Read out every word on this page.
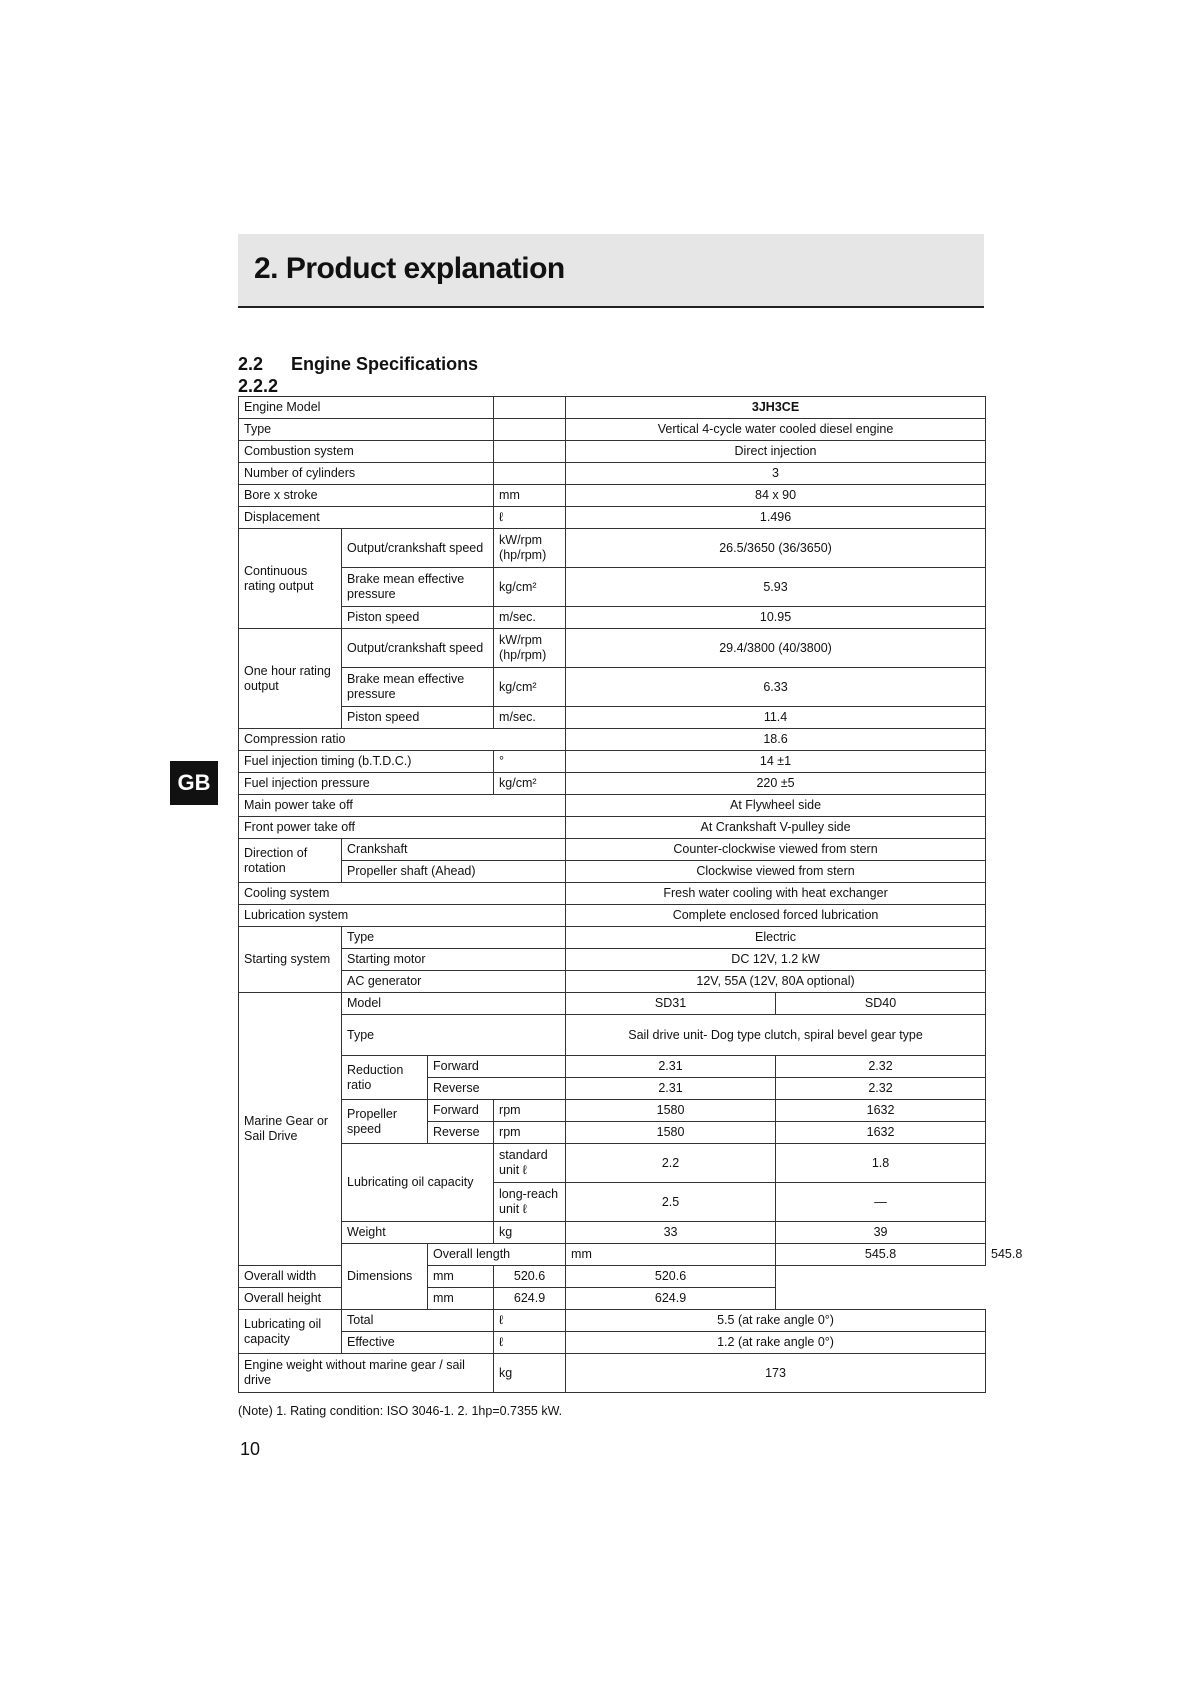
2. Product explanation
2.2 Engine Specifications
2.2.2
GB
Engine Model				3JH3CE		
Type				Vertical 4-cycle water cooled diesel engine		
Combustion system				Direct injection		
Number of cylinders				3		
Bore x stroke			mm	84 x 90		
Displacement			ℓ	1.496		
Continuous rating output	Output/crankshaft speed		kW/rpm (hp/rpm)	26.5/3650 (36/3650)		
	Brake mean effective pressure		kg/cm²	5.93		
	Piston speed		m/sec.	10.95		
One hour rating output	Output/crankshaft speed		kW/rpm (hp/rpm)	29.4/3800 (40/3800)		
	Brake mean effective pressure		kg/cm²	6.33		
	Piston speed		m/sec.	11.4		
Compression ratio				18.6		
Fuel injection timing (b.T.D.C.)			°	14 ±1		
Fuel injection pressure			kg/cm²	220 ±5		
Main power take off				At Flywheel side		
Front power take off				At Crankshaft V-pulley side		
Direction of rotation	Crankshaft			Counter-clockwise viewed from stern		
	Propeller shaft (Ahead)			Clockwise viewed from stern		
Cooling system				Fresh water cooling with heat exchanger		
Lubrication system				Complete enclosed forced lubrication		
Starting system	Type			Electric		
	Starting motor			DC 12V, 1.2 kW		
	AC generator			12V, 55A (12V, 80A optional)		
Marine Gear or Sail Drive	Model			SD31	SD40	
	Type			Sail drive unit- Dog type clutch, spiral bevel gear type		
	Reduction ratio	Forward		2.31	2.32	
		Reverse		2.31	2.32	
	Propeller speed	Forward	rpm	1580	1632	
		Reverse	rpm	1580	1632	
	Lubricating oil capacity		standard unit ℓ	2.2	1.8	
			long-reach unit ℓ	2.5	—	
	Weight		kg	33	39	
	Dimensions	Overall length		mm	545.8	545.8
Overall width		mm	520.6	520.6		
Overall height		mm	624.9	624.9		
Lubricating oil capacity	Total		ℓ	5.5 (at rake angle 0°)		
	Effective		ℓ	1.2 (at rake angle 0°)		
Engine weight without marine gear / sail drive			kg	173		
(Note) 1. Rating condition: ISO 3046-1. 2. 1hp=0.7355 kW.
10
